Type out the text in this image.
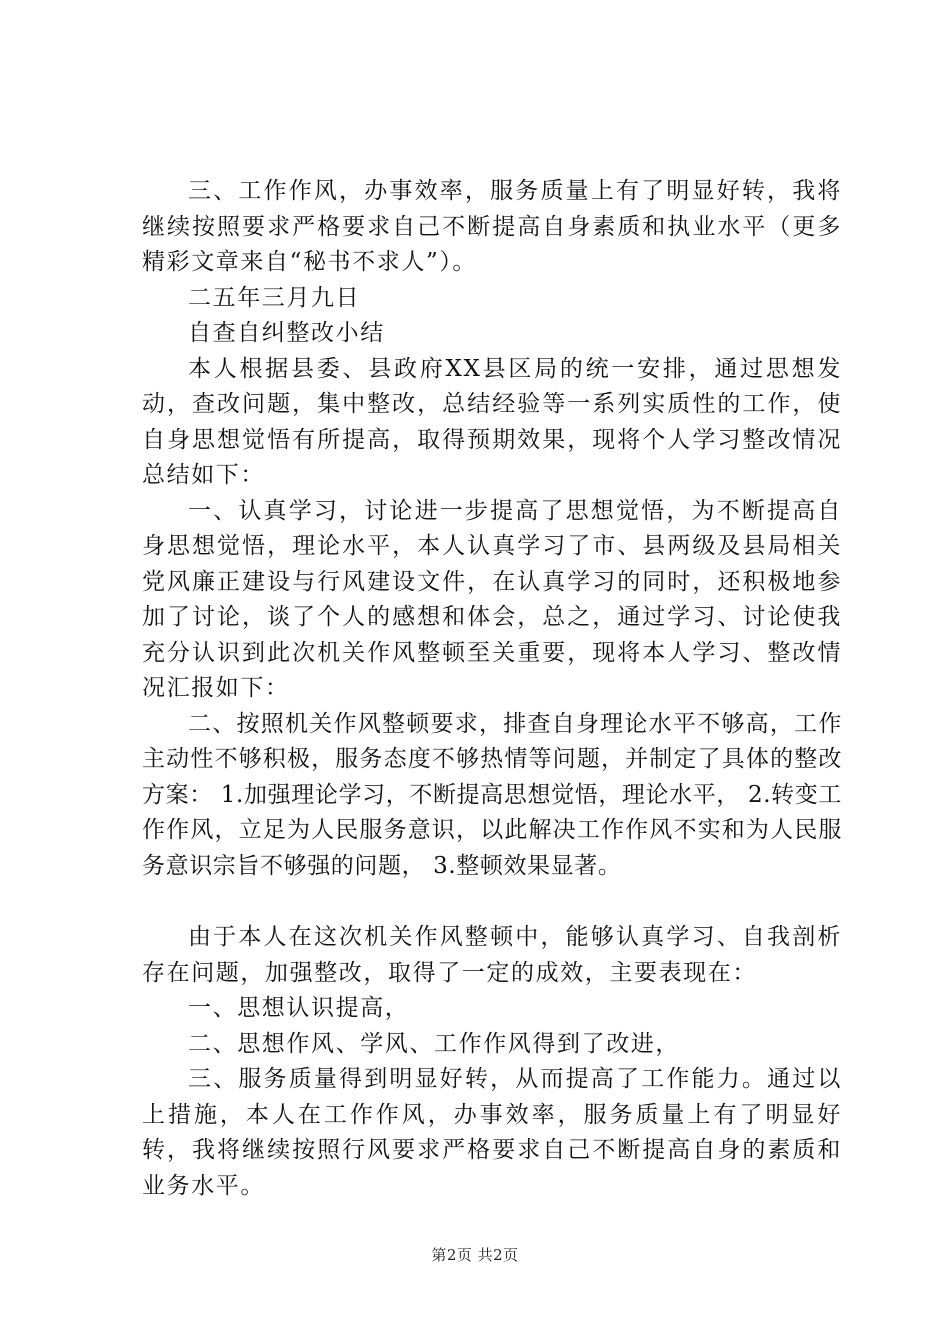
三、工作作风，办事效率，服务质量上有了明显好转，我将继续按照要求严格要求自己不断提高自身素质和执业水平（更多精彩文章来自“秘书不求人”）。

二五年三月九日

自查自纠整改小结

本人根据县委、县政府XX县区局的统一安排，通过思想发动，查改问题，集中整改，总结经验等一系列实质性的工作，使自身思想觉悟有所提高，取得预期效果，现将个人学习整改情况总结如下：

一、认真学习，讨论进一步提高了思想觉悟，为不断提高自身思想觉悟，理论水平，本人认真学习了市、县两级及县局相关党风廉正建设与行风建设文件，在认真学习的同时，还积极地参加了讨论，谈了个人的感想和体会，总之，通过学习、讨论使我充分认识到此次机关作风整顿至关重要，现将本人学习、整改情况汇报如下：

二、按照机关作风整顿要求，排查自身理论水平不够高，工作主动性不够积极，服务态度不够热情等问题，并制定了具体的整改方案： 1.加强理论学习，不断提高思想觉悟，理论水平， 2.转变工作作风，立足为人民服务意识，以此解决工作作风不实和为人民服务意识宗旨不够强的问题， 3.整顿效果显著。

由于本人在这次机关作风整顿中，能够认真学习、自我剖析存在问题，加强整改，取得了一定的成效，主要表现在：

一、思想认识提高，

二、思想作风、学风、工作作风得到了改进，

三、服务质量得到明显好转，从而提高了工作能力。通过以上措施，本人在工作作风，办事效率，服务质量上有了明显好转，我将继续按照行风要求严格要求自己不断提高自身的素质和业务水平。

第2页 共2页
